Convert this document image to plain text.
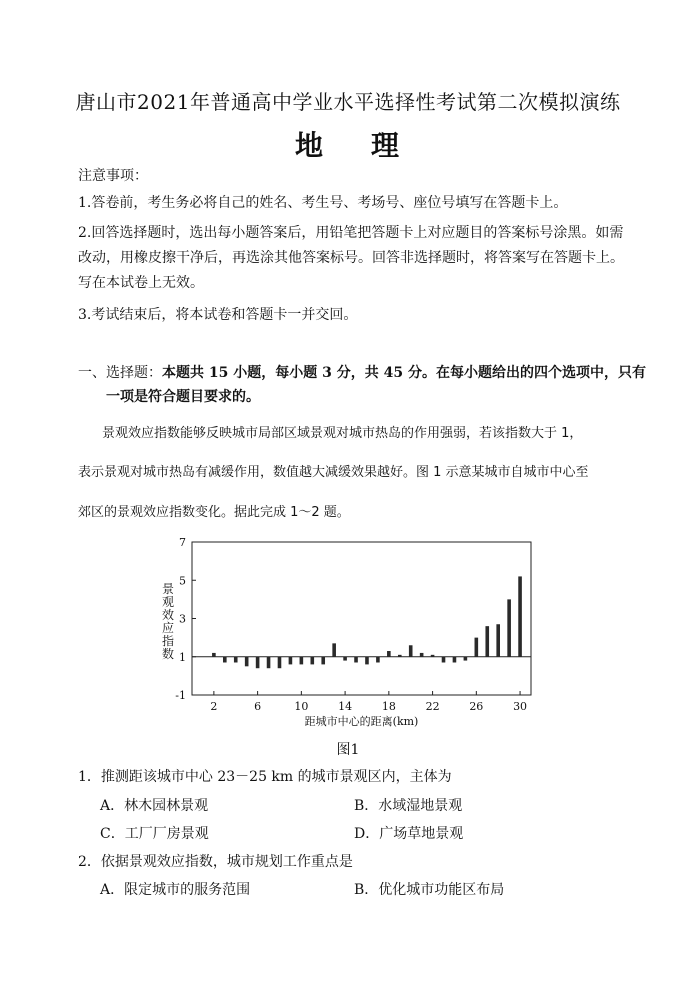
唐山市2021年普通高中学业水平选择性考试第二次模拟演练
地 理
注意事项：
1.答卷前，考生务必将自己的姓名、考生号、考场号、座位号填写在答题卡上。
2.回答选择题时，选出每小题答案后，用铅笔把答题卡上对应题目的答案标号涂黑。如需
改动，用橡皮擦干净后，再选涂其他答案标号。回答非选择题时，将答案写在答题卡上。
写在本试卷上无效。
3.考试结束后，将本试卷和答题卡一并交回。
一、选择题：本题共 15 小题，每小题 3 分，共 45 分。在每小题给出的四个选项中，只有
一项是符合题目要求的。
景观效应指数能够反映城市局部区域景观对城市热岛的作用强弱，若该指数大于 1，
表示景观对城市热岛有减缓作用，数值越大减缓效果越好。图 1 示意某城市自城市中心至
郊区的景观效应指数变化。据此完成 1～2 题。
景
观
效
应
指
数
-1
1
3
5
7
2	6	10	14	18	22	26	30
距城市中心的距离(km)
图1
1．推测距该城市中心 23－25 km 的城市景观区内，主体为
A．林木园林景观	B．水域湿地景观
C．工厂厂房景观	D．广场草地景观
2．依据景观效应指数，城市规划工作重点是
A．限定城市的服务范围	B．优化城市功能区布局
